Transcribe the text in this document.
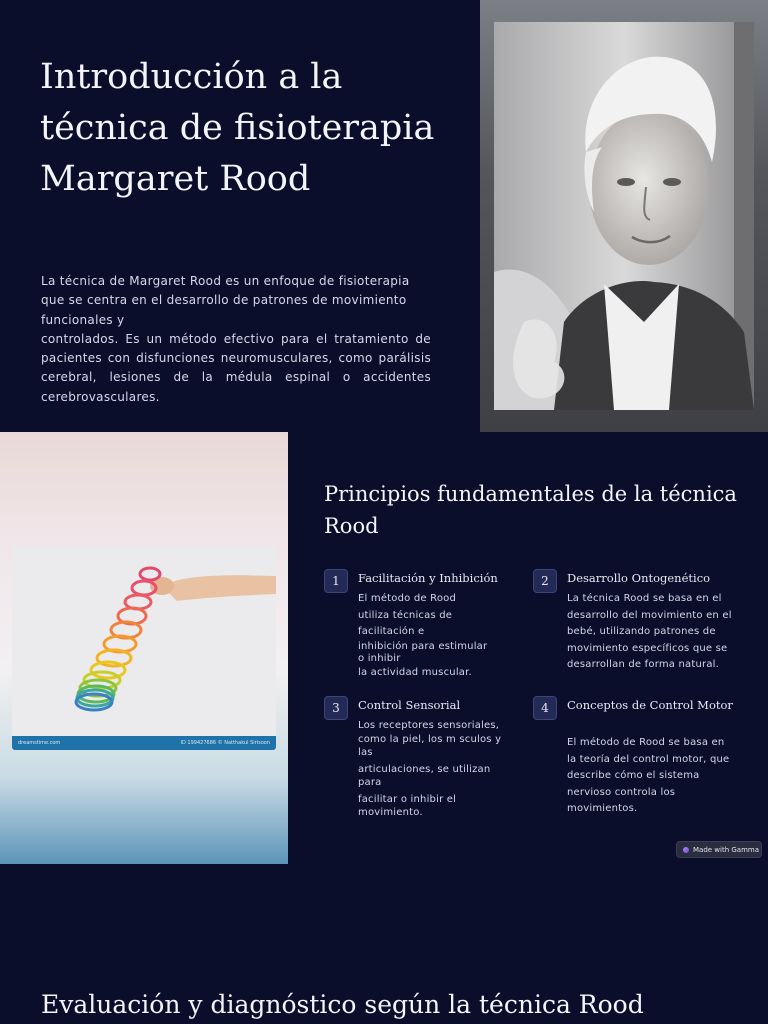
Introducción a la técnica de fisioterapia Margaret Rood

La técnica de Margaret Rood es un enfoque de fisioterapia que se centra en el desarrollo de patrones de movimiento funcionales y

controlados. Es un método efectivo para el tratamiento de pacientes con disfunciones neuromusculares, como parálisis cerebral, lesiones de la médula espinal o accidentes cerebrovasculares.

dreamstime.com	ID 199427686 © Natthakul Sirisoon
Principios fundamentales de la técnica Rood
1	Facilitación y Inhibición
El método de Rood utiliza técnicas de facilitación e
inhibición para estimular o inhibir
la actividad muscular.
2	Desarrollo Ontogenético
La técnica Rood se basa en el desarrollo del movimiento en el bebé, utilizando patrones de movimiento específicos que se desarrollan de forma natural.
3	Control Sensorial
Los receptores sensoriales, como la piel, los m sculos y las
articulaciones, se utilizan para
facilitar o inhibir el movimiento.
4	Conceptos de Control Motor
El método de Rood se basa en la teoría del control motor, que describe cómo el sistema nervioso controla los movimientos.
Made with Gamma
Evaluación y diagnóstico según la técnica Rood
